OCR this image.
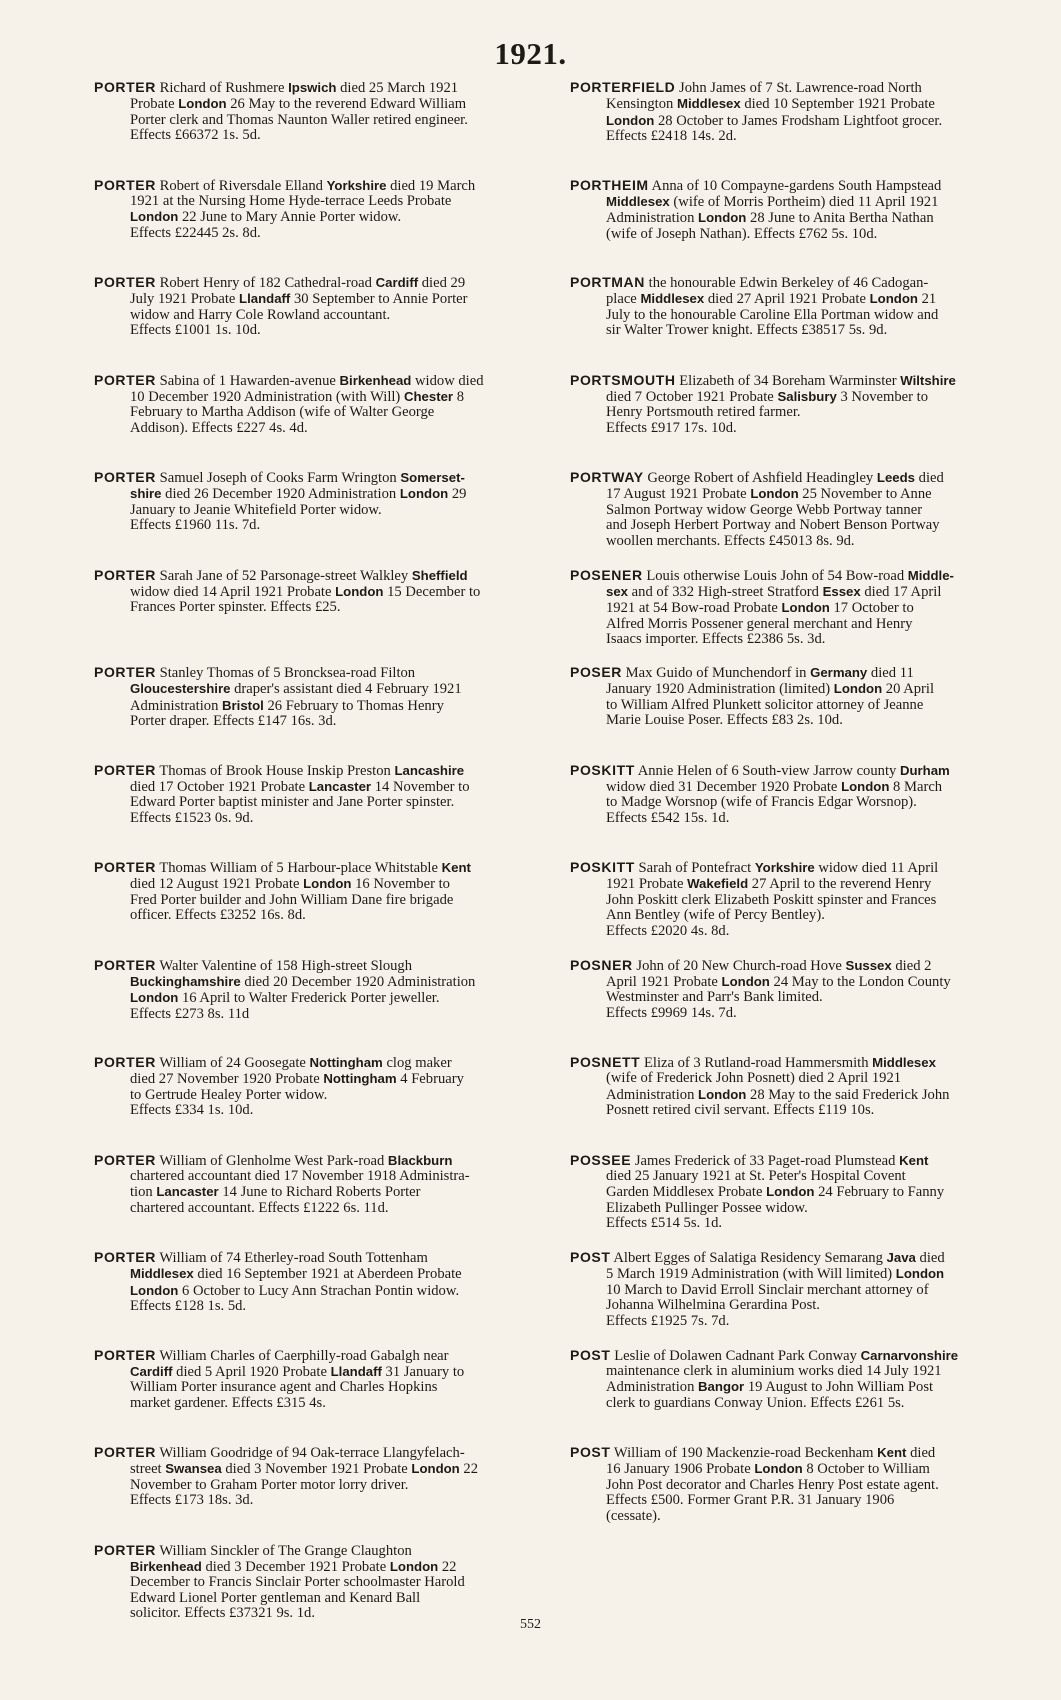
1921.
PORTER Richard of Rushmere Ipswich died 25 March 1921
Probate London 26 May to the reverend Edward William
Porter clerk and Thomas Naunton Waller retired engineer.
Effects £66372 1s. 5d.
PORTER Robert of Riversdale Elland Yorkshire died 19 March
1921 at the Nursing Home Hyde-terrace Leeds Probate
London 22 June to Mary Annie Porter widow.
Effects £22445 2s. 8d.
PORTER Robert Henry of 182 Cathedral-road Cardiff died 29
July 1921 Probate Llandaff 30 September to Annie Porter
widow and Harry Cole Rowland accountant.
Effects £1001 1s. 10d.
PORTER Sabina of 1 Hawarden-avenue Birkenhead widow died
10 December 1920 Administration (with Will) Chester 8
February to Martha Addison (wife of Walter George
Addison). Effects £227 4s. 4d.
PORTER Samuel Joseph of Cooks Farm Wrington Somerset-
shire died 26 December 1920 Administration London 29
January to Jeanie Whitefield Porter widow.
Effects £1960 11s. 7d.
PORTER Sarah Jane of 52 Parsonage-street Walkley Sheffield
widow died 14 April 1921 Probate London 15 December to
Frances Porter spinster. Effects £25.
PORTER Stanley Thomas of 5 Broncksea-road Filton
Gloucestershire draper's assistant died 4 February 1921
Administration Bristol 26 February to Thomas Henry
Porter draper. Effects £147 16s. 3d.
PORTER Thomas of Brook House Inskip Preston Lancashire
died 17 October 1921 Probate Lancaster 14 November to
Edward Porter baptist minister and Jane Porter spinster.
Effects £1523 0s. 9d.
PORTER Thomas William of 5 Harbour-place Whitstable Kent
died 12 August 1921 Probate London 16 November to
Fred Porter builder and John William Dane fire brigade
officer. Effects £3252 16s. 8d.
PORTER Walter Valentine of 158 High-street Slough
Buckinghamshire died 20 December 1920 Administration
London 16 April to Walter Frederick Porter jeweller.
Effects £273 8s. 11d
PORTER William of 24 Goosegate Nottingham clog maker
died 27 November 1920 Probate Nottingham 4 February
to Gertrude Healey Porter widow.
Effects £334 1s. 10d.
PORTER William of Glenholme West Park-road Blackburn
chartered accountant died 17 November 1918 Administra-
tion Lancaster 14 June to Richard Roberts Porter
chartered accountant. Effects £1222 6s. 11d.
PORTER William of 74 Etherley-road South Tottenham
Middlesex died 16 September 1921 at Aberdeen Probate
London 6 October to Lucy Ann Strachan Pontin widow.
Effects £128 1s. 5d.
PORTER William Charles of Caerphilly-road Gabalgh near
Cardiff died 5 April 1920 Probate Llandaff 31 January to
William Porter insurance agent and Charles Hopkins
market gardener. Effects £315 4s.
PORTER William Goodridge of 94 Oak-terrace Llangyfelach-
street Swansea died 3 November 1921 Probate London 22
November to Graham Porter motor lorry driver.
Effects £173 18s. 3d.
PORTER William Sinckler of The Grange Claughton
Birkenhead died 3 December 1921 Probate London 22
December to Francis Sinclair Porter schoolmaster Harold
Edward Lionel Porter gentleman and Kenard Ball
solicitor. Effects £37321 9s. 1d.
PORTERFIELD John James of 7 St. Lawrence-road North
Kensington Middlesex died 10 September 1921 Probate
London 28 October to James Frodsham Lightfoot grocer.
Effects £2418 14s. 2d.
PORTHEIM Anna of 10 Compayne-gardens South Hampstead
Middlesex (wife of Morris Portheim) died 11 April 1921
Administration London 28 June to Anita Bertha Nathan
(wife of Joseph Nathan). Effects £762 5s. 10d.
PORTMAN the honourable Edwin Berkeley of 46 Cadogan-
place Middlesex died 27 April 1921 Probate London 21
July to the honourable Caroline Ella Portman widow and
sir Walter Trower knight. Effects £38517 5s. 9d.
PORTSMOUTH Elizabeth of 34 Boreham Warminster Wiltshire
died 7 October 1921 Probate Salisbury 3 November to
Henry Portsmouth retired farmer.
Effects £917 17s. 10d.
PORTWAY George Robert of Ashfield Headingley Leeds died
17 August 1921 Probate London 25 November to Anne
Salmon Portway widow George Webb Portway tanner
and Joseph Herbert Portway and Nobert Benson Portway
woollen merchants. Effects £45013 8s. 9d.
POSENER Louis otherwise Louis John of 54 Bow-road Middle-
sex and of 332 High-street Stratford Essex died 17 April
1921 at 54 Bow-road Probate London 17 October to
Alfred Morris Possener general merchant and Henry
Isaacs importer. Effects £2386 5s. 3d.
POSER Max Guido of Munchendorf in Germany died 11
January 1920 Administration (limited) London 20 April
to William Alfred Plunkett solicitor attorney of Jeanne
Marie Louise Poser. Effects £83 2s. 10d.
POSKITT Annie Helen of 6 South-view Jarrow county Durham
widow died 31 December 1920 Probate London 8 March
to Madge Worsnop (wife of Francis Edgar Worsnop).
Effects £542 15s. 1d.
POSKITT Sarah of Pontefract Yorkshire widow died 11 April
1921 Probate Wakefield 27 April to the reverend Henry
John Poskitt clerk Elizabeth Poskitt spinster and Frances
Ann Bentley (wife of Percy Bentley).
Effects £2020 4s. 8d.
POSNER John of 20 New Church-road Hove Sussex died 2
April 1921 Probate London 24 May to the London County
Westminster and Parr's Bank limited.
Effects £9969 14s. 7d.
POSNETT Eliza of 3 Rutland-road Hammersmith Middlesex
(wife of Frederick John Posnett) died 2 April 1921
Administration London 28 May to the said Frederick John
Posnett retired civil servant. Effects £119 10s.
POSSEE James Frederick of 33 Paget-road Plumstead Kent
died 25 January 1921 at St. Peter's Hospital Covent
Garden Middlesex Probate London 24 February to Fanny
Elizabeth Pullinger Possee widow.
Effects £514 5s. 1d.
POST Albert Egges of Salatiga Residency Semarang Java died
5 March 1919 Administration (with Will limited) London
10 March to David Erroll Sinclair merchant attorney of
Johanna Wilhelmina Gerardina Post.
Effects £1925 7s. 7d.
POST Leslie of Dolawen Cadnant Park Conway Carnarvonshire
maintenance clerk in aluminium works died 14 July 1921
Administration Bangor 19 August to John William Post
clerk to guardians Conway Union. Effects £261 5s.
POST William of 190 Mackenzie-road Beckenham Kent died
16 January 1906 Probate London 8 October to William
John Post decorator and Charles Henry Post estate agent.
Effects £500. Former Grant P.R. 31 January 1906
(cessate).
552
